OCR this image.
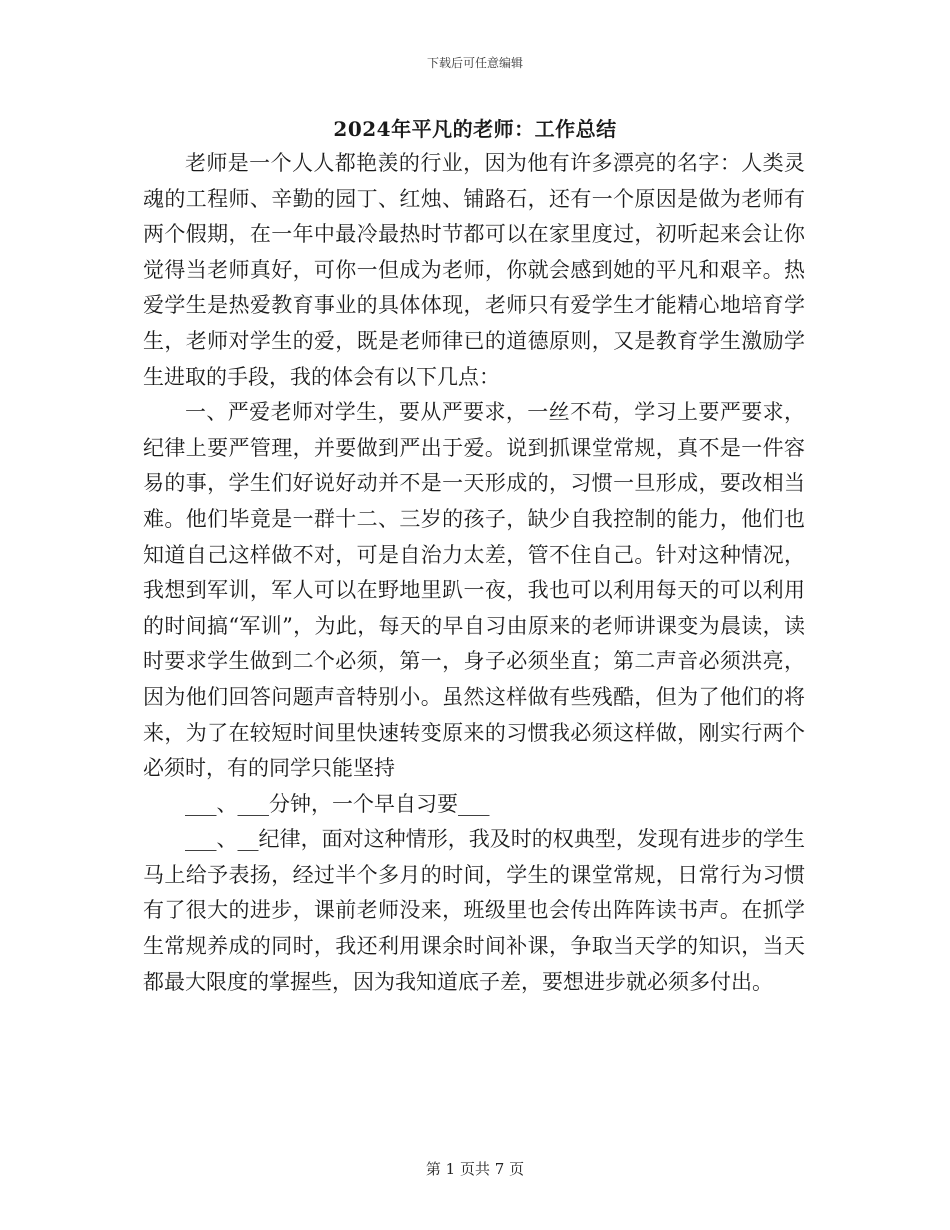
下载后可任意编辑
2024年平凡的老师：工作总结

老师是一个人人都艳羡的行业，因为他有许多漂亮的名字：人类灵魂的工程师、辛勤的园丁、红烛、铺路石，还有一个原因是做为老师有两个假期，在一年中最冷最热时节都可以在家里度过，初听起来会让你觉得当老师真好，可你一但成为老师，你就会感到她的平凡和艰辛。热爱学生是热爱教育事业的具体体现，老师只有爱学生才能精心地培育学生，老师对学生的爱，既是老师律已的道德原则，又是教育学生激励学生进取的手段，我的体会有以下几点：

一、严爱老师对学生，要从严要求，一丝不苟，学习上要严要求，纪律上要严管理，并要做到严出于爱。说到抓课堂常规，真不是一件容易的事，学生们好说好动并不是一天形成的，习惯一旦形成，要改相当难。他们毕竟是一群十二、三岁的孩子，缺少自我控制的能力，他们也知道自己这样做不对，可是自治力太差，管不住自己。针对这种情况，我想到军训，军人可以在野地里趴一夜，我也可以利用每天的可以利用的时间搞“军训”，为此，每天的早自习由原来的老师讲课变为晨读，读时要求学生做到二个必须，第一，身子必须坐直；第二声音必须洪亮，因为他们回答问题声音特别小。虽然这样做有些残酷，但为了他们的将来，为了在较短时间里快速转变原来的习惯我必须这样做，刚实行两个必须时，有的同学只能坚持

___、___分钟，一个早自习要___

___、__纪律，面对这种情形，我及时的权典型，发现有进步的学生马上给予表扬，经过半个多月的时间，学生的课堂常规，日常行为习惯有了很大的进步，课前老师没来，班级里也会传出阵阵读书声。在抓学生常规养成的同时，我还利用课余时间补课，争取当天学的知识，当天都最大限度的掌握些，因为我知道底子差，要想进步就必须多付出。

第 1 页共 7 页
